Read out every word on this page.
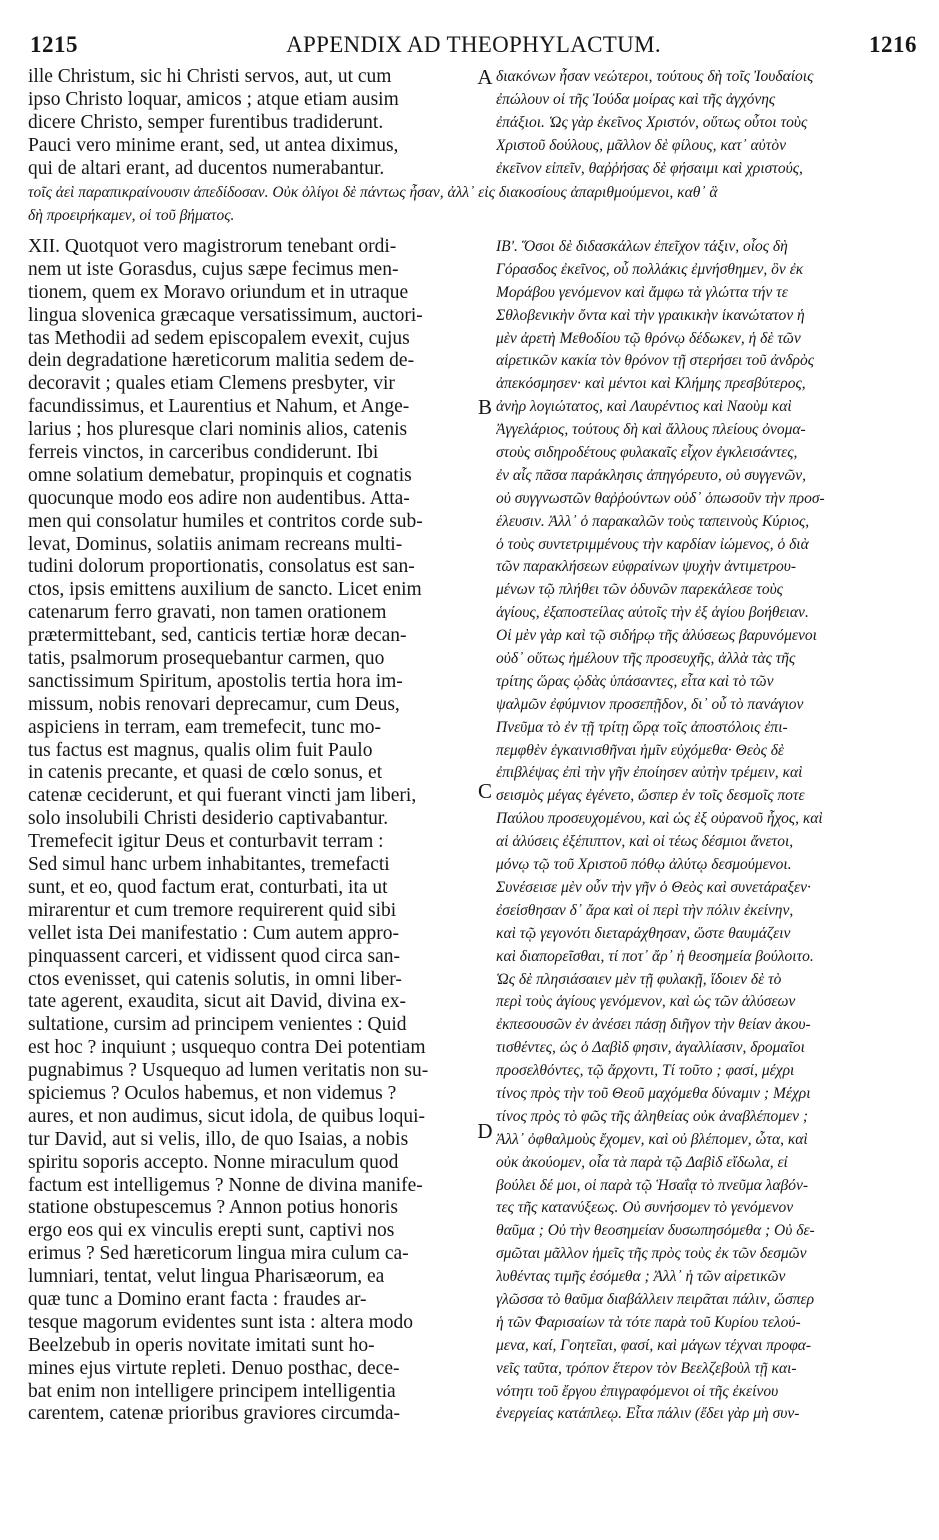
1215	APPENDIX AD THEOPHYLACTUM.	1216
ille Christum, sic hi Christi servos, aut, ut cum
ipso Christo loquar, amicos ; atque etiam ausim
dicere Christo, semper furentibus tradiderunt.
Pauci vero minime erant, sed, ut antea diximus,
qui de altari erant, ad ducentos numerabantur.
διακόνων ἦσαν νεώτεροι, τούτους δὴ τοῖς Ἰουδαίοις
ἐπώλουν οἱ τῆς Ἰούδα μοίρας καὶ τῆς ἀγχόνης
ἐπάξιοι. Ὡς γὰρ ἐκεῖνος Χριστόν, οὕτως οὗτοι τοὺς
Χριστοῦ δούλους, μᾶλλον δὲ φίλους, κατ᾽ αὐτὸν
ἐκεῖνον εἰπεῖν, θαῤῥήσας δὲ φήσαιμι καὶ χριστούς,
τοῖς ἀεὶ παραπικραίνουσιν ἀπεδίδοσαν. Οὐκ ὀλίγοι δὲ πάντως ἦσαν, ἀλλ᾽ εἰς διακοσίους ἀπαριθμούμενοι, καθ᾽ ἃ
δὴ προειρήκαμεν, οἱ τοῦ βήματος.
XII. Quotquot vero magistrorum tenebant ordi-
nem ut iste Gorasdus, cujus sæpe fecimus men-
tionem, quem ex Moravo oriundum et in utraque
lingua slovenica græcaque versatissimum, auctori-
tas Methodii ad sedem episcopalem evexit, cujus
dein degradatione hæreticorum malitia sedem de-
decoravit ; quales etiam Clemens presbyter, vir
facundissimus, et Laurentius et Nahum, et Ange-
larius ; hos pluresque clari nominis alios, catenis
ferreis vinctos, in carceribus condiderunt. Ibi
omne solatium demebatur, propinquis et cognatis
quocunque modo eos adire non audentibus. Atta-
men qui consolatur humiles et contritos corde sub-
levat, Dominus, solatiis animam recreans multi-
tudini dolorum proportionatis, consolatus est san-
ctos, ipsis emittens auxilium de sancto. Licet enim
catenarum ferro gravati, non tamen orationem
prætermittebant, sed, canticis tertiæ horæ decan-
tatis, psalmorum prosequebantur carmen, quo
sanctissimum Spiritum, apostolis tertia hora im-
missum, nobis renovari deprecamur, cum Deus,
aspiciens in terram, eam tremefecit, tunc mo-
tus factus est magnus, qualis olim fuit Paulo
in catenis precante, et quasi de cœlo sonus, et
catenæ ceciderunt, et qui fuerant vincti jam liberi,
solo insolubili Christi desiderio captivabantur.
Tremefecit igitur Deus et conturbavit terram :
Sed simul hanc urbem inhabitantes, tremefacti
sunt, et eo, quod factum erat, conturbati, ita ut
mirarentur et cum tremore requirerent quid sibi
vellet ista Dei manifestatio : Cum autem appro-
pinquassent carceri, et vidissent quod circa san-
ctos evenisset, qui catenis solutis, in omni liber-
tate agerent, exaudita, sicut ait David, divina ex-
sultatione, cursim ad principem venientes : Quid
est hoc ? inquiunt ; usquequo contra Dei potentiam
pugnabimus ? Usquequo ad lumen veritatis non su-
spiciemus ? Oculos habemus, et non videmus ?
aures, et non audimus, sicut idola, de quibus loqui-
tur David, aut si velis, illo, de quo Isaias, a nobis
spiritu soporis accepto. Nonne miraculum quod
factum est intelligemus ? Nonne de divina manife-
statione obstupescemus ? Annon potius honoris
ergo eos qui ex vinculis erepti sunt, captivi nos
erimus ? Sed hæreticorum lingua mira culum ca-
lumniari, tentat, velut lingua Pharisæorum, ea
quæ tunc a Domino erant facta : fraudes ar-
tesque magorum evidentes sunt ista : altera modo
Beelzebub in operis novitate imitati sunt ho-
mines ejus virtute repleti. Denuo posthac, dece-
bat enim non intelligere principem intelligentia
carentem, catenæ prioribus graviores circumda-
ΙΒʹ. Ὅσοι δὲ διδασκάλων ἐπεῖχον τάξιν, οἷος δὴ
Γόρασδος ἐκεῖνος, οὗ πολλάκις ἐμνήσθημεν, ὃν ἐκ
Μοράβου γενόμενον καὶ ἄμφω τὰ γλώττα τήν τε
Σθλοβενικὴν ὄντα καὶ τὴν γραικικὴν ἱκανώτατον ἡ
μὲν ἀρετὴ Μεθοδίου τῷ θρόνῳ δέδωκεν, ἡ δὲ τῶν
αἱρετικῶν κακία τὸν θρόνον τῇ στερήσει τοῦ ἀνδρὸς
ἀπεκόσμησεν· καὶ μέντοι καὶ Κλήμης πρεσβύτερος,
ἀνὴρ λογιώτατος, καὶ Λαυρέντιος καὶ Ναοὺμ καὶ
Ἀγγελάριος, τούτους δὴ καὶ ἄλλους πλείους ὀνομα-
στοὺς σιδηροδέτους φυλακαῖς εἶχον ἐγκλεισάντες,
ἐν αἷς πᾶσα παράκλησις ἀπηγόρευτο, οὐ συγγενῶν,
οὐ συγγνωστῶν θαῤῥούντων οὐδ᾽ ὁπωσοῦν τὴν προσ-
έλευσιν. Ἀλλ᾽ ὁ παρακαλῶν τοὺς ταπεινοὺς Κύριος,
ὁ τοὺς συντετριμμένους τὴν καρδίαν ἰώμενος, ὁ διὰ
τῶν παρακλήσεων εὐφραίνων ψυχὴν ἀντιμετρου-
μένων τῷ πλήθει τῶν ὀδυνῶν παρεκάλεσε τοὺς
ἁγίους, ἐξαποστείλας αὐτοῖς τὴν ἐξ ἁγίου βοήθειαν.
Οἱ μὲν γὰρ καὶ τῷ σιδήρῳ τῆς ἁλύσεως βαρυνόμενοι
οὐδ᾽ οὕτως ἠμέλουν τῆς προσευχῆς, ἀλλὰ τὰς τῆς
τρίτης ὥρας ᾠδὰς ὑπάσαντες, εἶτα καὶ τὸ τῶν
ψαλμῶν ἐφύμνιον προσεπῇδον, δι᾽ οὗ τὸ πανάγιον
Πνεῦμα τὸ ἐν τῇ τρίτῃ ὥρᾳ τοῖς ἀποστόλοις ἐπι-
πεμφθὲν ἐγκαινισθῆναι ἡμῖν εὐχόμεθα· Θεὸς δὲ
ἐπιβλέψας ἐπὶ τὴν γῆν ἐποίησεν αὐτὴν τρέμειν, καὶ
σεισμὸς μέγας ἐγένετο, ὥσπερ ἐν τοῖς δεσμοῖς ποτε
Παύλου προσευχομένου, καὶ ὡς ἐξ οὐρανοῦ ἦχος, καὶ
αἱ ἁλύσεις ἐξέπιπτον, καὶ οἱ τέως δέσμιοι ἄνετοι,
μόνῳ τῷ τοῦ Χριστοῦ πόθῳ ἀλύτῳ δεσμούμενοι.
Συνέσεισε μὲν οὖν τὴν γῆν ὁ Θεὸς καὶ συνετάραξεν·
ἐσείσθησαν δ᾽ ἄρα καὶ οἱ περὶ τὴν πόλιν ἐκείνην,
καὶ τῷ γεγονότι διεταράχθησαν, ὥστε θαυμάζειν
καὶ διαπορεῖσθαι, τί ποτ᾽ ἄρ᾽ ἡ θεοσημεία βούλοιτο.
Ὡς δὲ πλησιάσαιεν μὲν τῇ φυλακῇ, ἴδοιεν δὲ τὸ
περὶ τοὺς ἁγίους γενόμενον, καὶ ὡς τῶν ἁλύσεων
ἐκπεσουσῶν ἐν ἀνέσει πάσῃ διῆγον τὴν θείαν ἀκου-
τισθέντες, ὡς ὁ Δαβὶδ φησιν, ἀγαλλίασιν, δρομαῖοι
προσελθόντες, τῷ ἄρχοντι, Τί τοῦτο ; φασί, μέχρι
τίνος πρὸς τὴν τοῦ Θεοῦ μαχόμεθα δύναμιν ; Μέχρι
τίνος πρὸς τὸ φῶς τῆς ἀληθείας οὐκ ἀναβλέπομεν ;
Ἀλλ᾽ ὀφθαλμοὺς ἔχομεν, καὶ οὐ βλέπομεν, ὦτα, καὶ
οὐκ ἀκούομεν, οἷα τὰ παρὰ τῷ Δαβὶδ εἴδωλα, εἰ
βούλει δέ μοι, οἱ παρὰ τῷ Ἡσαΐᾳ τὸ πνεῦμα λαβόν-
τες τῆς κατανύξεως. Οὐ συνήσομεν τὸ γενόμενον
θαῦμα ; Οὐ τὴν θεοσημείαν δυσωπησόμεθα ; Οὐ δε-
σμῶται μᾶλλον ἡμεῖς τῆς πρὸς τοὺς ἐκ τῶν δεσμῶν
λυθέντας τιμῆς ἐσόμεθα ; Ἀλλ᾽ ἡ τῶν αἱρετικῶν
γλῶσσα τὸ θαῦμα διαβάλλειν πειρᾶται πάλιν, ὥσπερ
ἡ τῶν Φαρισαίων τὰ τότε παρὰ τοῦ Κυρίου τελού-
μενα, καί, Γοητεῖαι, φασί, καὶ μάγων τέχναι προφα-
νεῖς ταῦτα, τρόπον ἕτερον τὸν Βεελζεβοὺλ τῇ και-
νότητι τοῦ ἔργου ἐπιγραφόμενοι οἱ τῆς ἐκείνου
ἐνεργείας κατάπλεῳ. Εἶτα πάλιν (ἔδει γὰρ μὴ συν-
A
B
C
D
